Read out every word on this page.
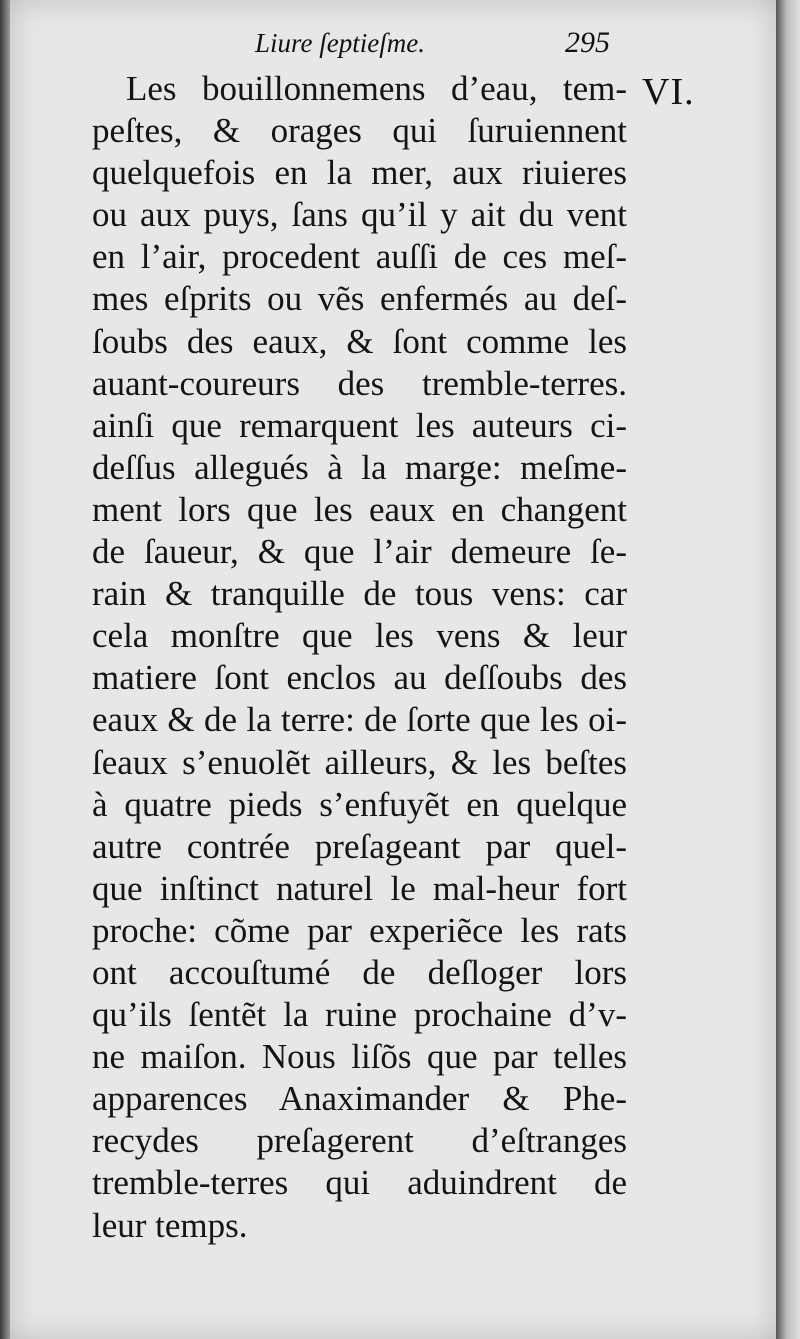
Liure ſeptieſme.	295
VI.
Les bouillonnemens d’eau, tem-
peſtes, & orages qui ſuruiennent
quelquefois en la mer, aux riuieres
ou aux puys, ſans qu’il y ait du vent
en l’air, procedent auſſi de ces meſ-
mes eſprits ou vẽs enfermés au deſ-
ſoubs des eaux, & ſont comme les
auant-coureurs des tremble-terres.
ainſi que remarquent les auteurs ci-
deſſus allegués à la marge: meſme-
ment lors que les eaux en changent
de ſaueur, & que l’air demeure ſe-
rain & tranquille de tous vens: car
cela monſtre que les vens & leur
matiere ſont enclos au deſſoubs des
eaux & de la terre: de ſorte que les oi-
ſeaux s’enuolẽt ailleurs, & les beſtes
à quatre pieds s’enfuyẽt en quelque
autre contrée preſageant par quel-
que inſtinct naturel le mal-heur fort
proche: cõme par experiẽce les rats
ont accouſtumé de deſloger lors
qu’ils ſentẽt la ruine prochaine d’v-
ne maiſon. Nous liſõs que par telles
apparences Anaximander & Phe-
recydes preſagerent d’eſtranges
tremble-terres qui aduindrent de
leur temps.
